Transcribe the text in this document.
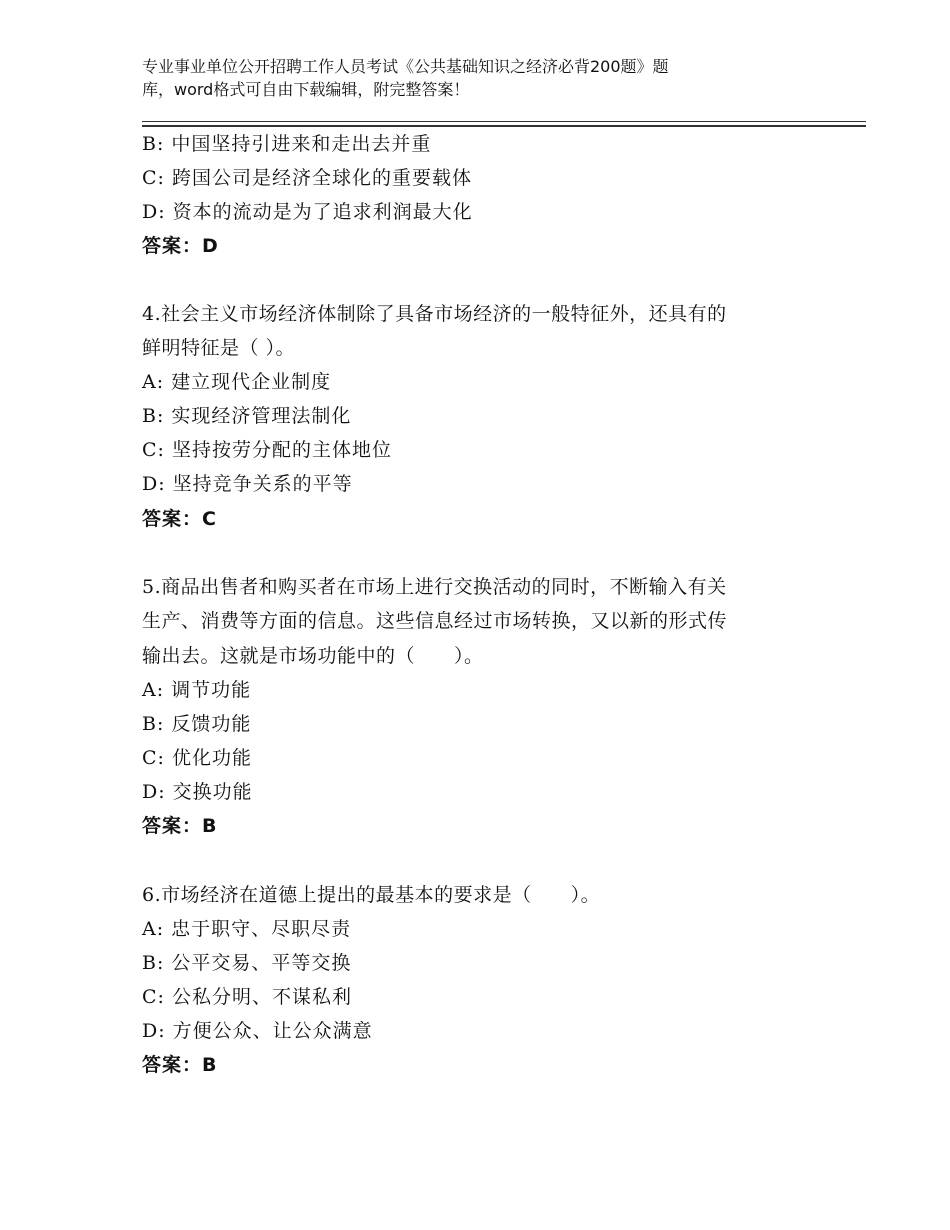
专业事业单位公开招聘工作人员考试《公共基础知识之经济必背200题》题
库，word格式可自由下载编辑，附完整答案！
B: 中国坚持引进来和走出去并重
C: 跨国公司是经济全球化的重要载体
D: 资本的流动是为了追求利润最大化
答案：D
4.社会主义市场经济体制除了具备市场经济的一般特征外，还具有的
鲜明特征是（ ）。
A: 建立现代企业制度
B: 实现经济管理法制化
C: 坚持按劳分配的主体地位
D: 坚持竞争关系的平等
答案：C
5.商品出售者和购买者在市场上进行交换活动的同时，不断输入有关
生产、消费等方面的信息。这些信息经过市场转换，又以新的形式传
输出去。这就是市场功能中的（　　）。
A: 调节功能
B: 反馈功能
C: 优化功能
D: 交换功能
答案：B
6.市场经济在道德上提出的最基本的要求是（　　）。
A: 忠于职守、尽职尽责
B: 公平交易、平等交换
C: 公私分明、不谋私利
D: 方便公众、让公众满意
答案：B
